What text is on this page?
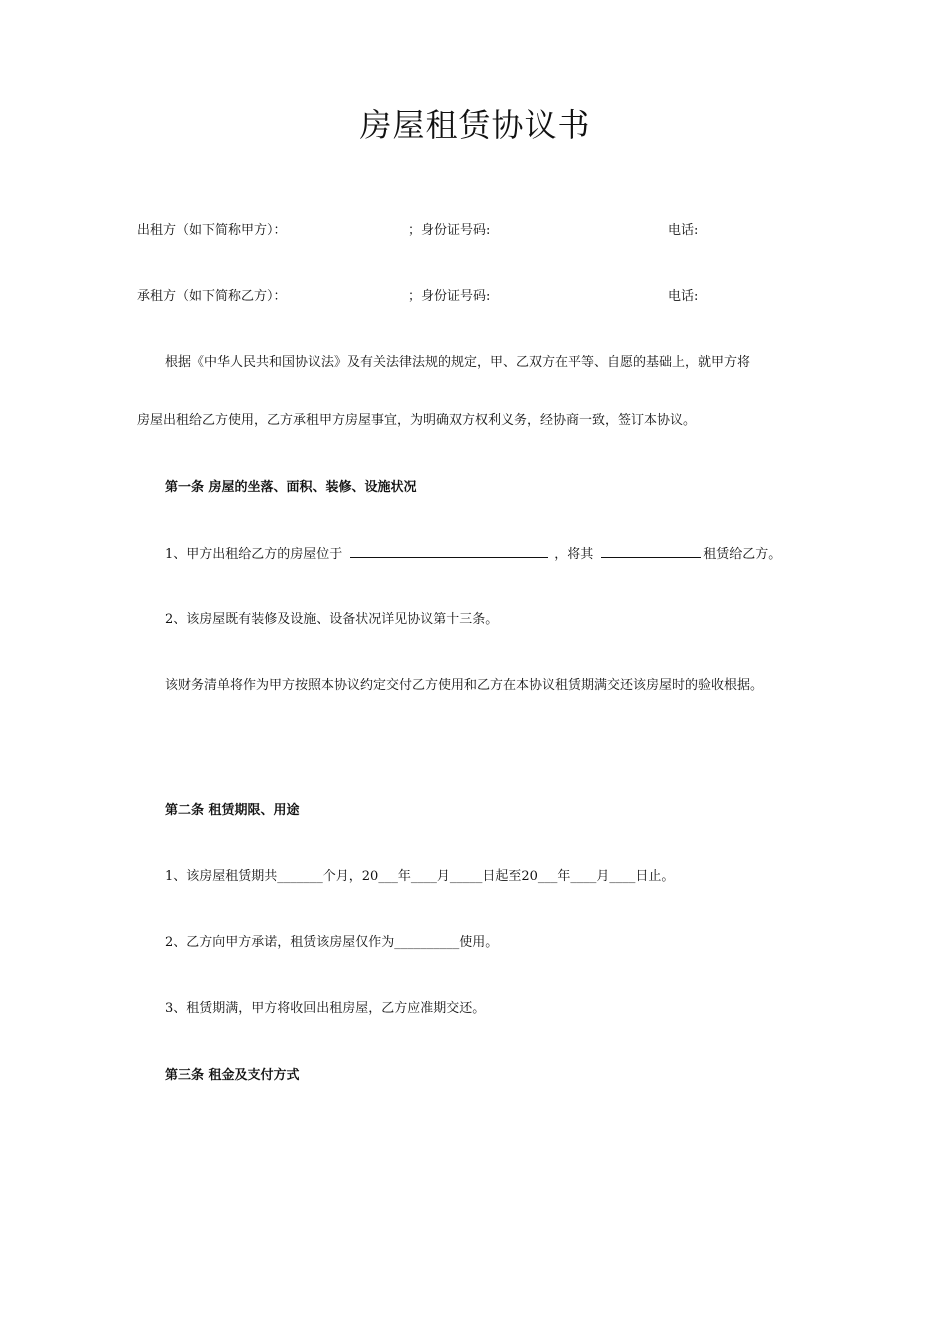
房屋租赁协议书
出租方（如下简称甲方）：	；身份证号码:	电话:
承租方（如下简称乙方）：	；身份证号码:	电话:
根据《中华人民共和国协议法》及有关法律法规的规定，甲、乙双方在平等、自愿的基础上，就甲方将
房屋出租给乙方使用，乙方承租甲方房屋事宜，为明确双方权利义务，经协商一致，签订本协议。
第一条 房屋的坐落、面积、装修、设施状况
1、甲方出租给乙方的房屋位于	，将其	租赁给乙方。
2、该房屋既有装修及设施、设备状况详见协议第十三条。
该财务清单将作为甲方按照本协议约定交付乙方使用和乙方在本协议租赁期满交还该房屋时的验收根据。
第二条 租赁期限、用途
1、该房屋租赁期共_______个月，20___年____月_____日起至20___年____月____日止。
2、乙方向甲方承诺，租赁该房屋仅作为__________使用。
3、租赁期满，甲方将收回出租房屋，乙方应准期交还。
第三条 租金及支付方式
